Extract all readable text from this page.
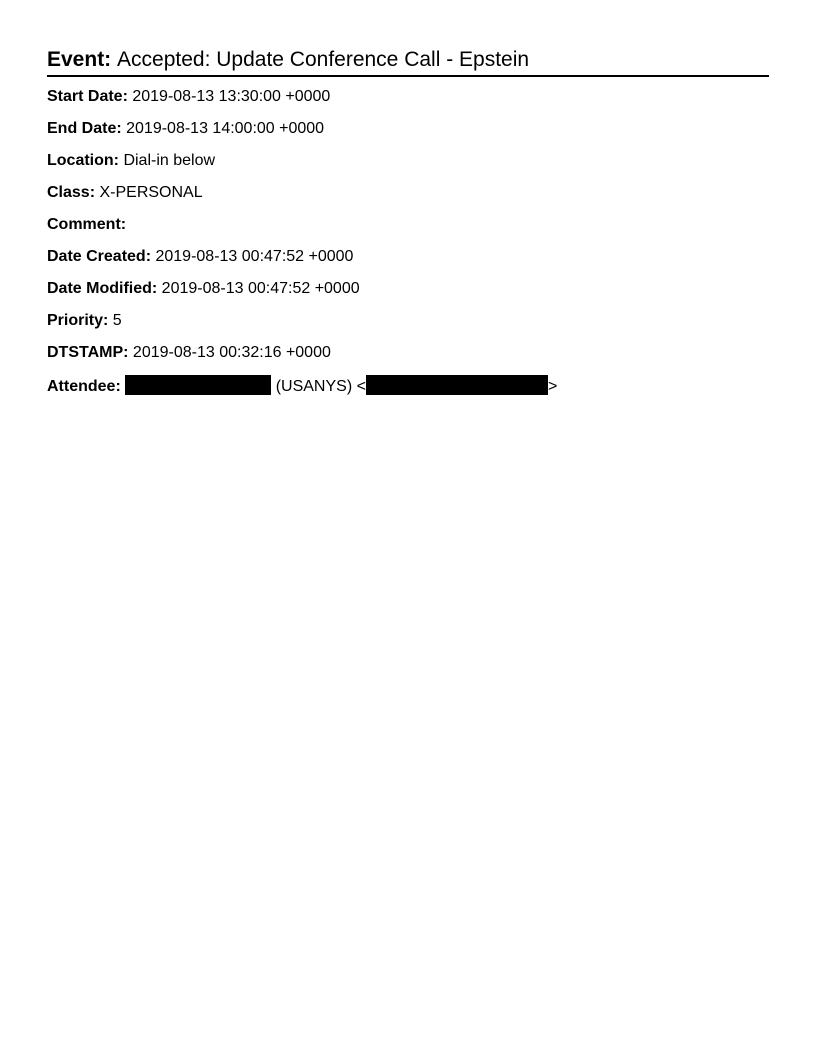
Event: Accepted: Update Conference Call - Epstein
Start Date: 2019-08-13 13:30:00 +0000
End Date: 2019-08-13 14:00:00 +0000
Location: Dial-in below
Class: X-PERSONAL
Comment:
Date Created: 2019-08-13 00:47:52 +0000
Date Modified: 2019-08-13 00:47:52 +0000
Priority: 5
DTSTAMP: 2019-08-13 00:32:16 +0000
Attendee:	(USANYS) <	>
